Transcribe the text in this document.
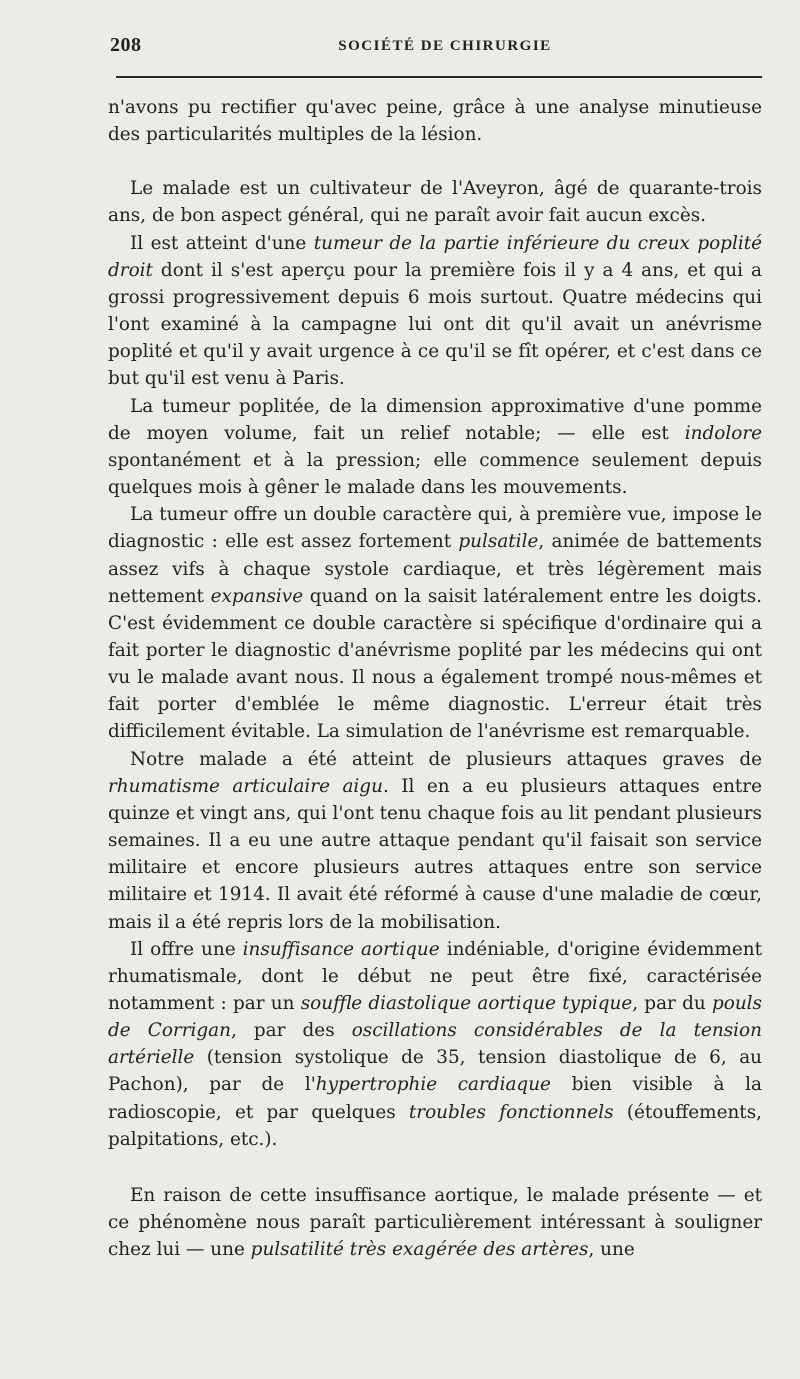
208	SOCIÉTÉ DE CHIRURGIE

n'avons pu rectifier qu'avec peine, grâce à une analyse minutieuse des particularités multiples de la lésion.

Le malade est un cultivateur de l'Aveyron, âgé de quarante-trois ans, de bon aspect général, qui ne paraît avoir fait aucun excès.

Il est atteint d'une tumeur de la partie inférieure du creux poplité droit dont il s'est aperçu pour la première fois il y a 4 ans, et qui a grossi progressivement depuis 6 mois surtout. Quatre médecins qui l'ont examiné à la campagne lui ont dit qu'il avait un anévrisme poplité et qu'il y avait urgence à ce qu'il se fît opérer, et c'est dans ce but qu'il est venu à Paris.

La tumeur poplitée, de la dimension approximative d'une pomme de moyen volume, fait un relief notable; — elle est indolore spontanément et à la pression; elle commence seulement depuis quelques mois à gêner le malade dans les mouvements.

La tumeur offre un double caractère qui, à première vue, impose le diagnostic : elle est assez fortement pulsatile, animée de battements assez vifs à chaque systole cardiaque, et très légèrement mais nettement expansive quand on la saisit latéralement entre les doigts. C'est évidemment ce double caractère si spécifique d'ordinaire qui a fait porter le diagnostic d'anévrisme poplité par les médecins qui ont vu le malade avant nous. Il nous a également trompé nous-mêmes et fait porter d'emblée le même diagnostic. L'erreur était très difficilement évitable. La simulation de l'anévrisme est remarquable.

Notre malade a été atteint de plusieurs attaques graves de rhumatisme articulaire aigu. Il en a eu plusieurs attaques entre quinze et vingt ans, qui l'ont tenu chaque fois au lit pendant plusieurs semaines. Il a eu une autre attaque pendant qu'il faisait son service militaire et encore plusieurs autres attaques entre son service militaire et 1914. Il avait été réformé à cause d'une maladie de cœur, mais il a été repris lors de la mobilisation.

Il offre une insuffisance aortique indéniable, d'origine évidemment rhumatismale, dont le début ne peut être fixé, caractérisée notamment : par un souffle diastolique aortique typique, par du pouls de Corrigan, par des oscillations considérables de la tension artérielle (tension systolique de 35, tension diastolique de 6, au Pachon), par de l'hypertrophie cardiaque bien visible à la radioscopie, et par quelques troubles fonctionnels (étouffements, palpitations, etc.).

En raison de cette insuffisance aortique, le malade présente — et ce phénomène nous paraît particulièrement intéressant à souligner chez lui — une pulsatilité très exagérée des artères, une
